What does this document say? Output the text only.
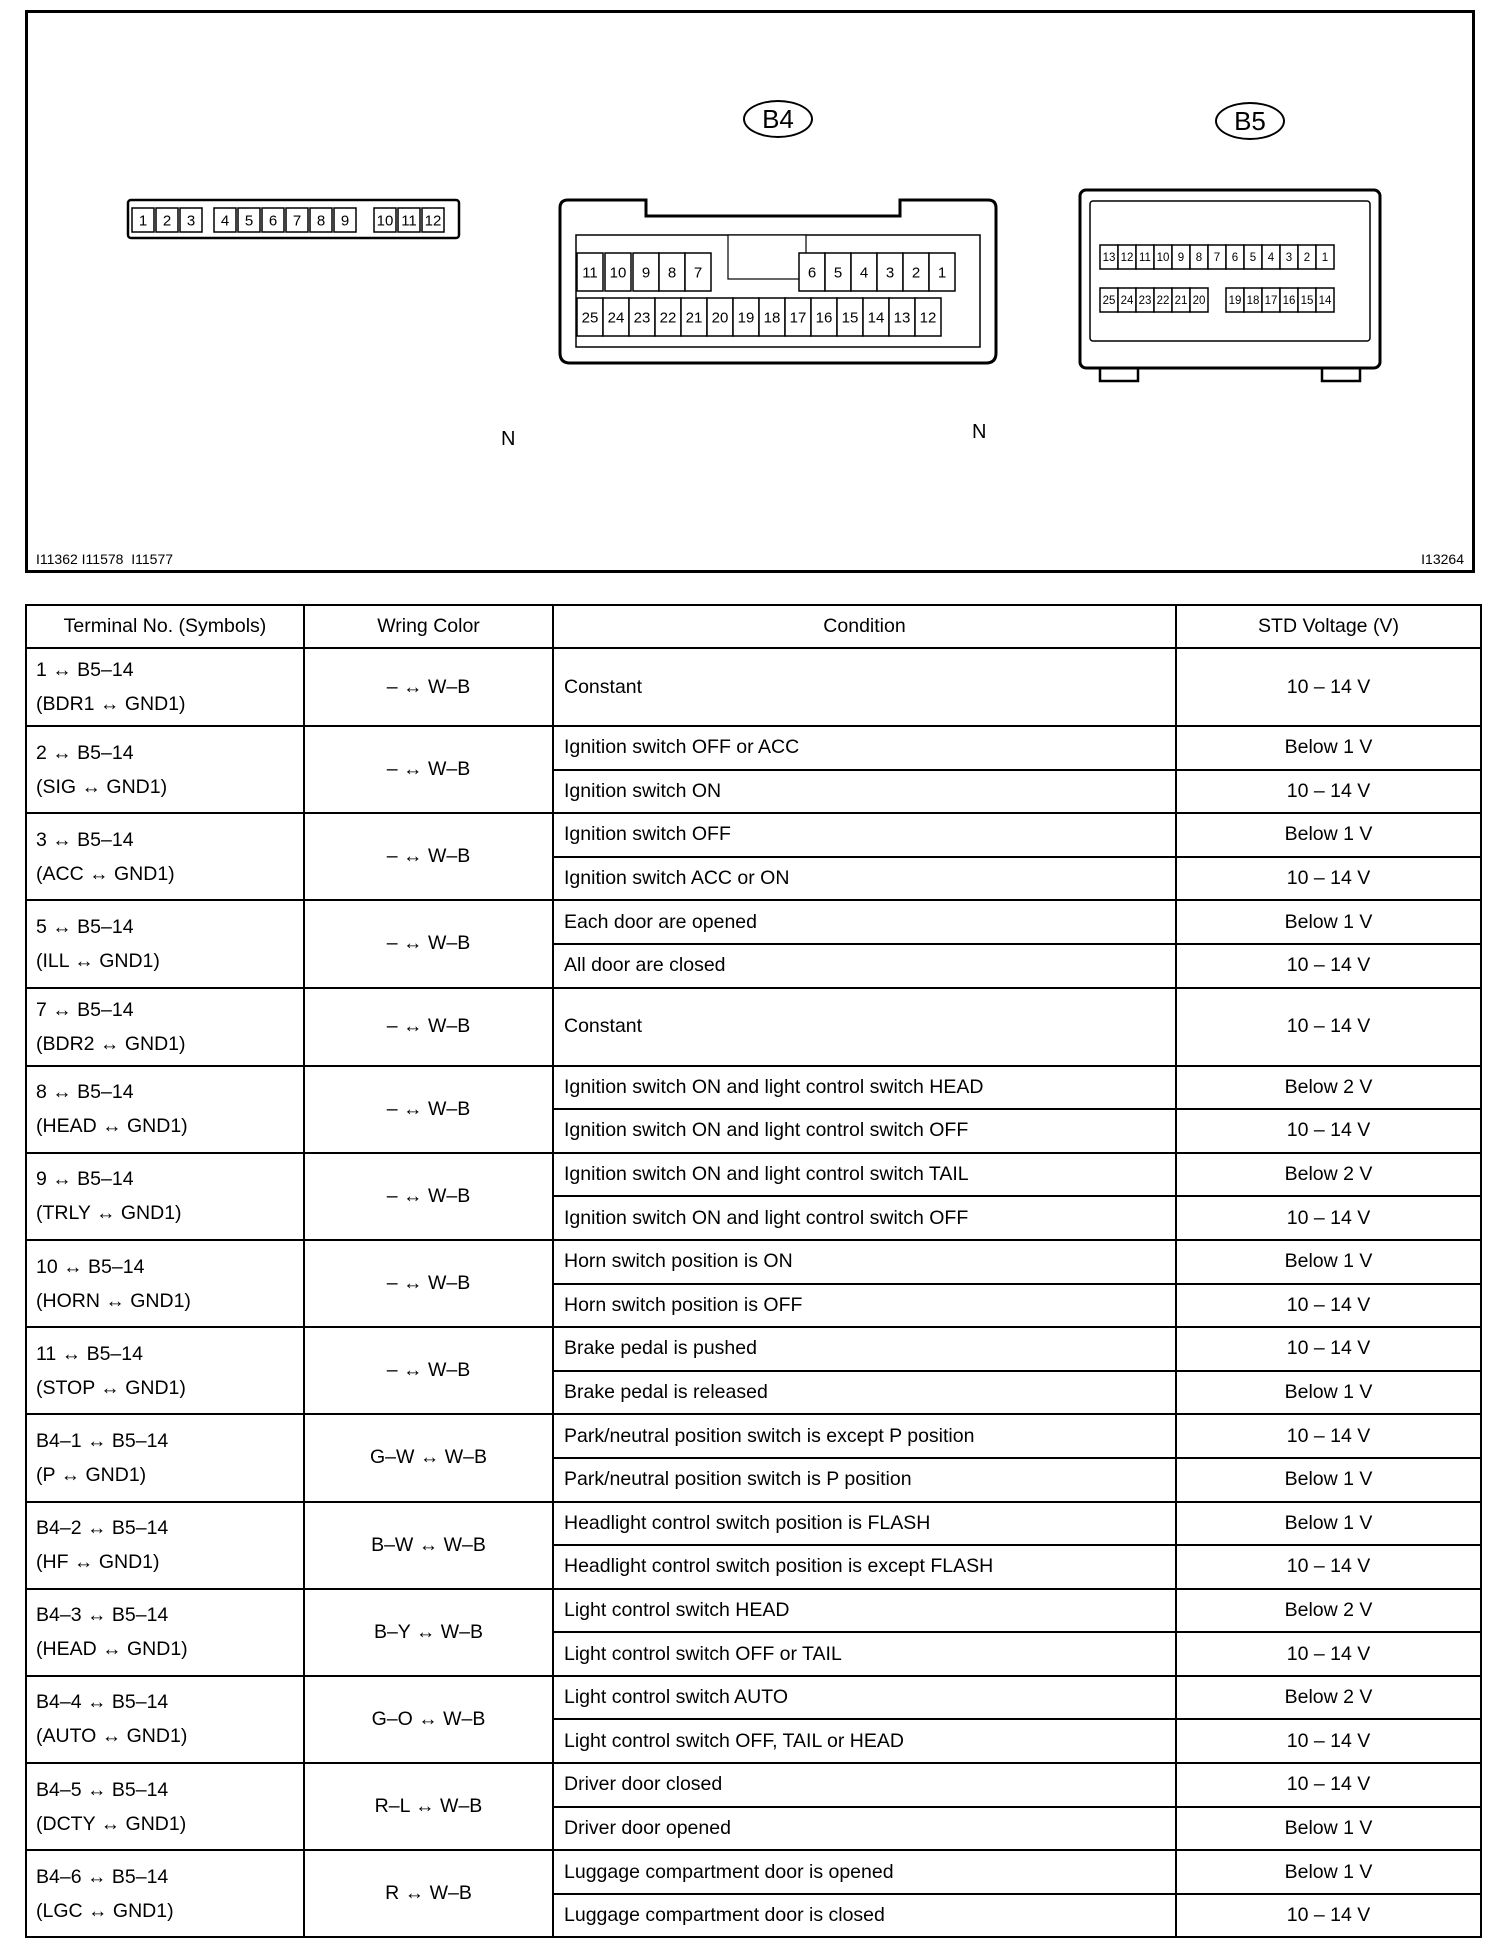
1 2 3 4 5 6 7 8 9 10 11 12
11 10 9 8 7	6 5 4 3 2 1
25 24 23 22 21 20 19 18 17 16 15 14 13 12
13 12 11 10 9 8 7 6 5 4 3 2 1
25 24 23 22 21 20 19 18 17 16 15 14
B4	B5
N	N
I11362 I11578  I11577	I13264
Terminal No. (Symbols)	Wring Color	Condition	STD Voltage (V)

1 ↔ B5–14
(BDR1 ↔ GND1)	– ↔ W–B	Constant	10 – 14 V

2 ↔ B5–14
(SIG ↔ GND1)	– ↔ W–B	Ignition switch OFF or ACC	Below 1 V
		Ignition switch ON	10 – 14 V

3 ↔ B5–14
(ACC ↔ GND1)	– ↔ W–B	Ignition switch OFF	Below 1 V
		Ignition switch ACC or ON	10 – 14 V

5 ↔ B5–14
(ILL ↔ GND1)	– ↔ W–B	Each door are opened	Below 1 V
		All door are closed	10 – 14 V

7 ↔ B5–14
(BDR2 ↔ GND1)	– ↔ W–B	Constant	10 – 14 V

8 ↔ B5–14
(HEAD ↔ GND1)	– ↔ W–B	Ignition switch ON and light control switch HEAD	Below 2 V
		Ignition switch ON and light control switch OFF	10 – 14 V

9 ↔ B5–14
(TRLY ↔ GND1)	– ↔ W–B	Ignition switch ON and light control switch TAIL	Below 2 V
		Ignition switch ON and light control switch OFF	10 – 14 V

10 ↔ B5–14
(HORN ↔ GND1)	– ↔ W–B	Horn switch position is ON	Below 1 V
		Horn switch position is OFF	10 – 14 V

11 ↔ B5–14
(STOP ↔ GND1)	– ↔ W–B	Brake pedal is pushed	10 – 14 V
		Brake pedal is released	Below 1 V

B4–1 ↔ B5–14
(P ↔ GND1)	G–W ↔ W–B	Park/neutral position switch is except P position	10 – 14 V
		Park/neutral position switch is P position	Below 1 V

B4–2 ↔ B5–14
(HF ↔ GND1)	B–W ↔ W–B	Headlight control switch position is FLASH	Below 1 V
		Headlight control switch position is except FLASH	10 – 14 V

B4–3 ↔ B5–14
(HEAD ↔ GND1)	B–Y ↔ W–B	Light control switch HEAD	Below 2 V
		Light control switch OFF or TAIL	10 – 14 V

B4–4 ↔ B5–14
(AUTO ↔ GND1)	G–O ↔ W–B	Light control switch AUTO	Below 2 V
		Light control switch OFF, TAIL or HEAD	10 – 14 V

B4–5 ↔ B5–14
(DCTY ↔ GND1)	R–L ↔ W–B	Driver door closed	10 – 14 V
		Driver door opened	Below 1 V

B4–6 ↔ B5–14
(LGC ↔ GND1)	R ↔ W–B	Luggage compartment door is opened	Below 1 V
		Luggage compartment door is closed	10 – 14 V
